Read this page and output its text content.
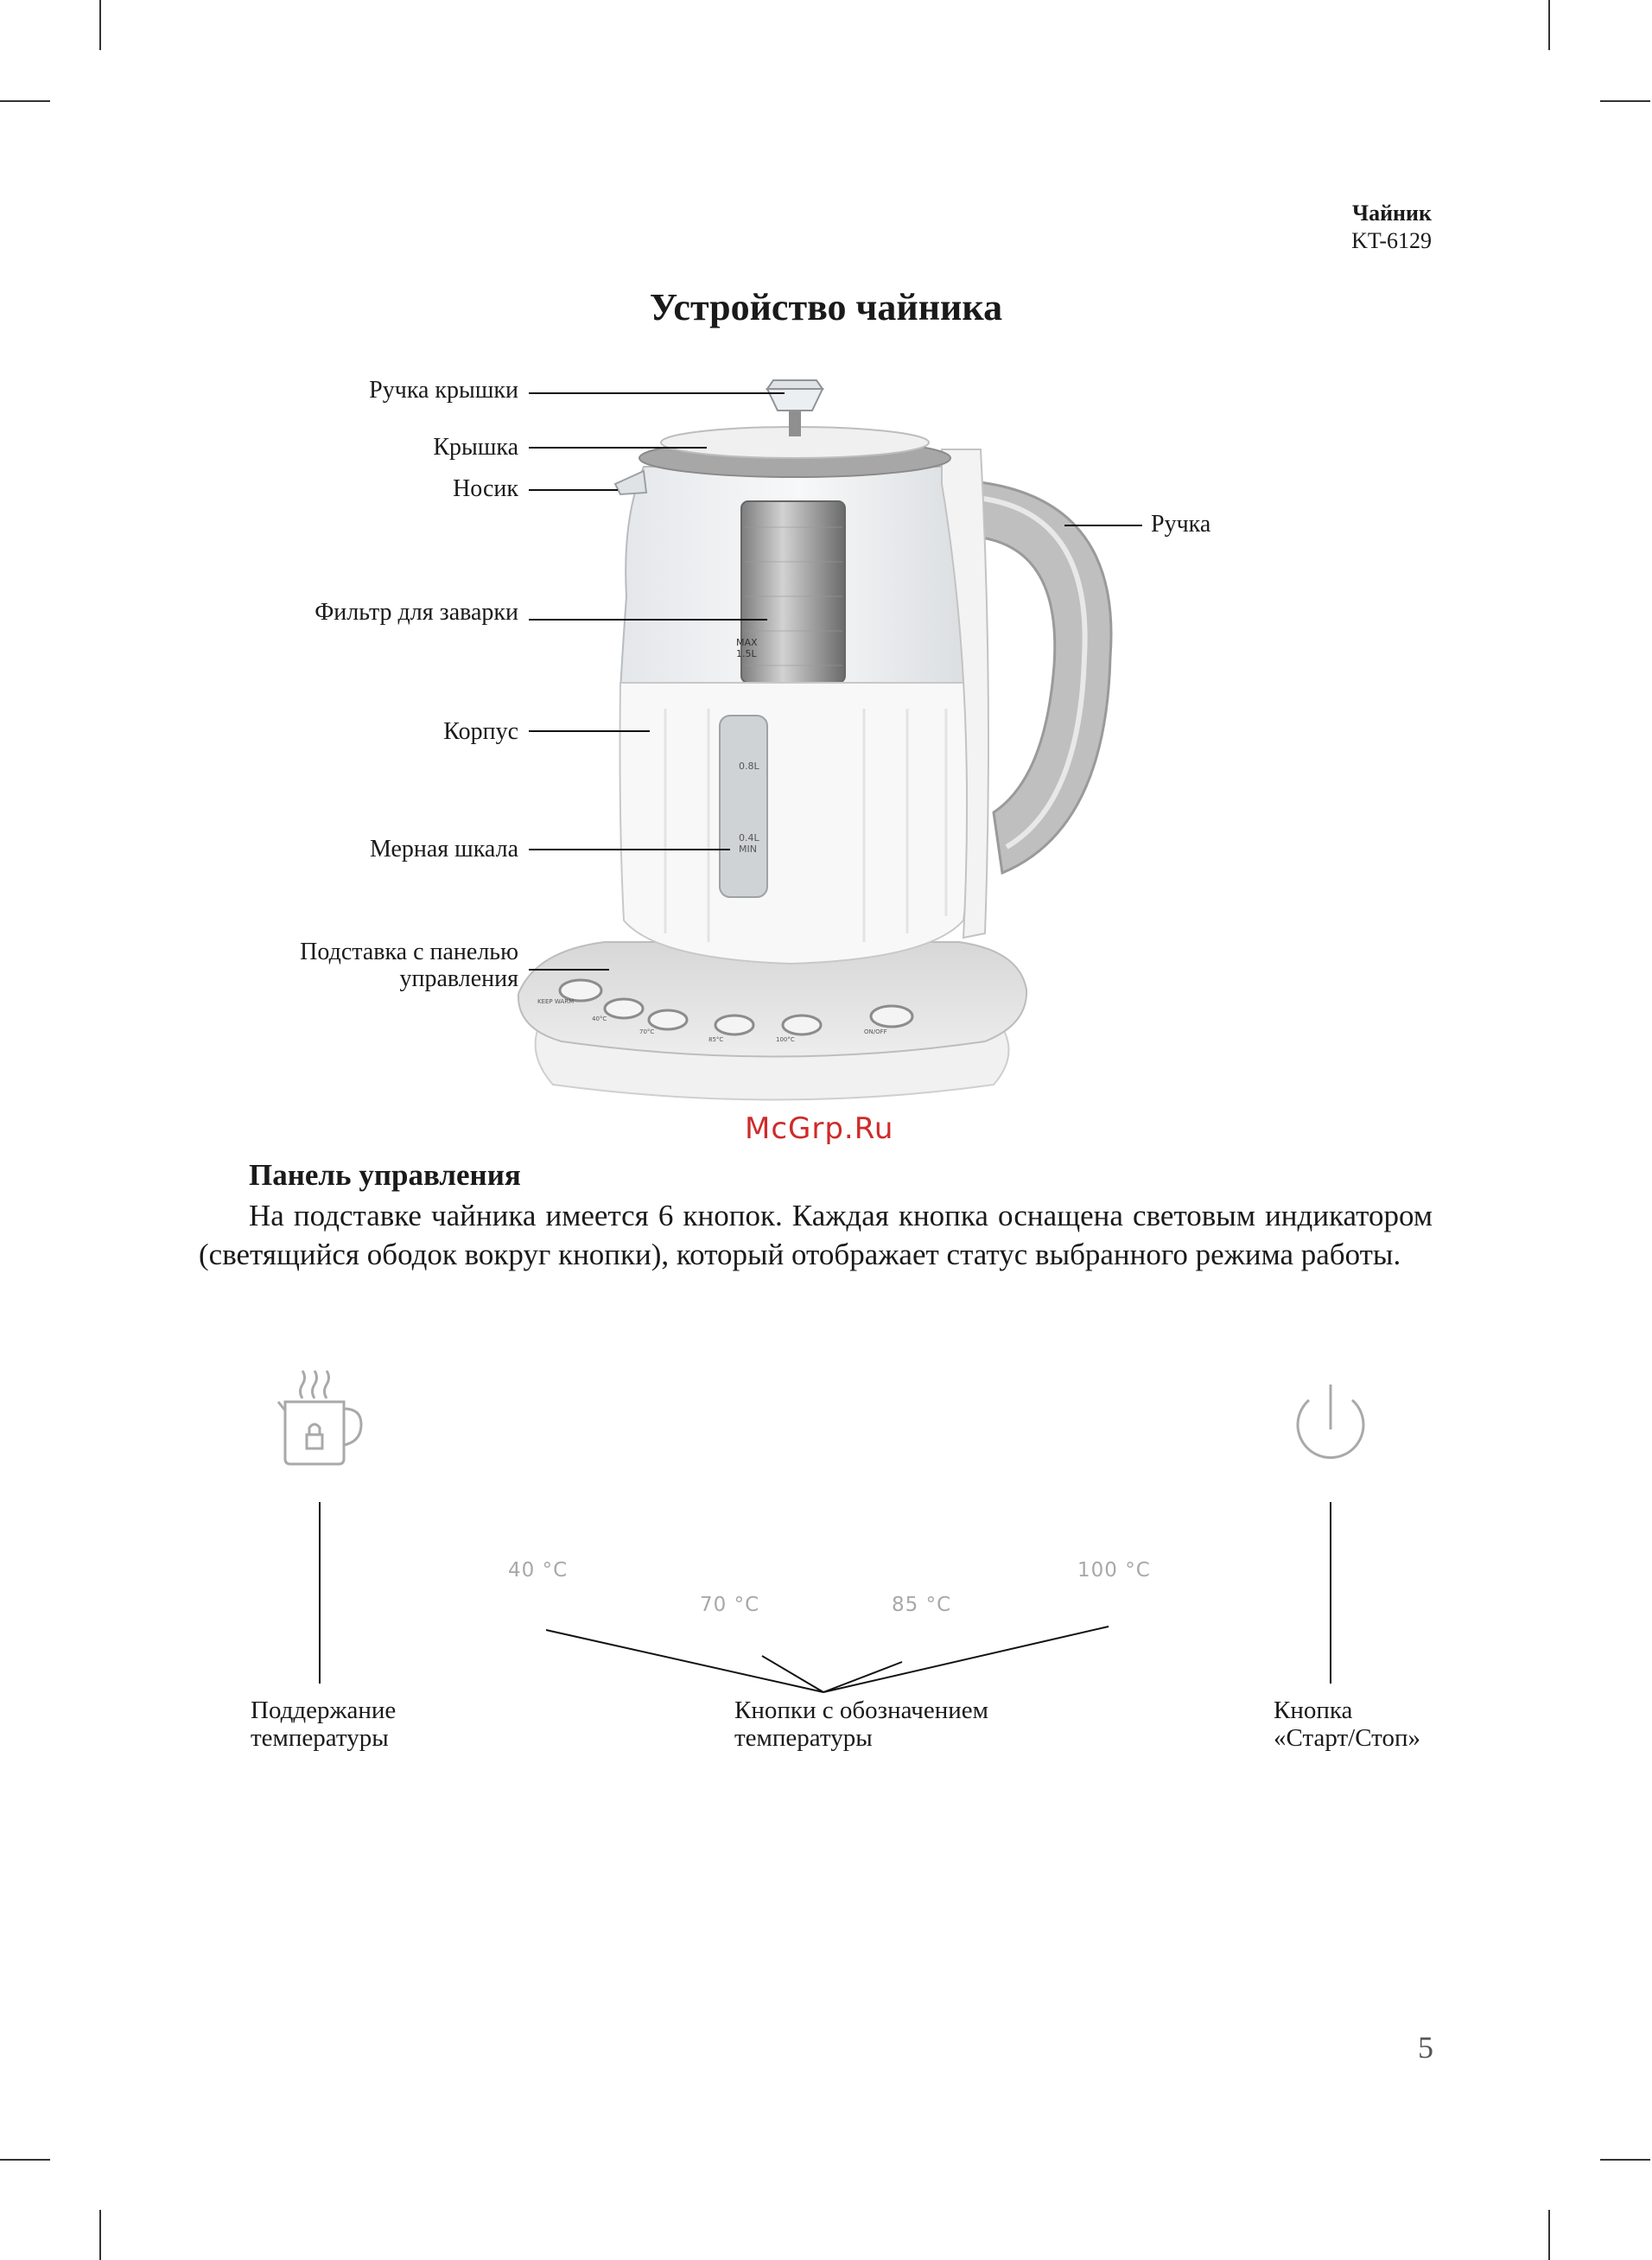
Чайник
KT-6129
Устройство чайника
MAX
1.5L
0.8L
0.4L
MIN
KEEP WARM
40°C
70°C
85°C	100°C
ON/OFF
Ручка крышки
Крышка
Носик
Ручка
Фильтр для заварки
Корпус
Мерная шкала
Подставка с панелью
управления
McGrp.Ru
Панель управления
На подставке чайника имеется 6 кнопок. Каждая кнопка оснащена световым индикатором (светящийся ободок вокруг кнопки), который отображает статус выбранного режима работы.
40 °C
70 °C	85 °C
100 °C
Поддержание
температуры
Кнопки с обозначением
температуры
Кнопка
«Старт/Стоп»
5
